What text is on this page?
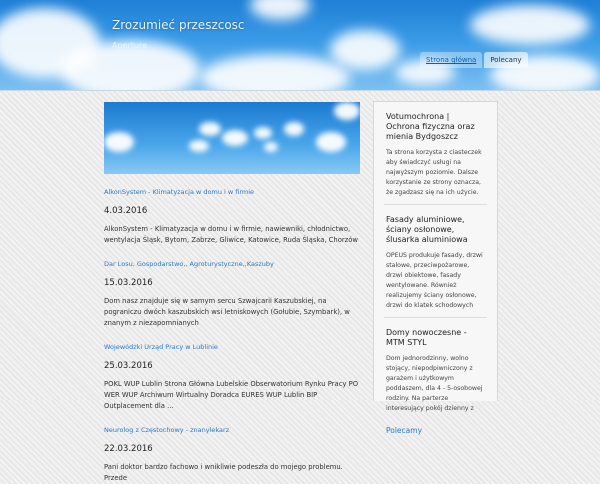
Zrozumieć przeszcosc
Aperture
Strona główna	Polecany
AlkonSystem - Klimatyzacja w domu i w firmie
4.03.2016
AlkonSystem - Klimatyzacja w domu i w firmie, nawiewniki, chłodnictwo, wentylacja Śląsk, Bytom, Zabrze, Gliwice, Katowice, Ruda Śląska, Chorzów
Dar Losu, Gospodarstwo,, Agroturystyczne,,Kaszuby
15.03.2016
Dom nasz znajduje się w samym sercu Szwajcarii Kaszubskiej, na pograniczu dwóch kaszubskich wsi letniskowych (Gołubie, Szymbark), w znanym z niezapomnianych
Wojewódzki Urząd Pracy w Lublinie
25.03.2016
POKL WUP Lublin Strona Główna Lubelskie Obserwatorium Rynku Pracy PO WER WUP Archiwum Wirtualny Doradca EURES WUP Lublin BIP Outplacement dla ...
Neurolog z Częstochowy - znanylekarz
22.03.2016
Pani doktor bardzo fachowo i wnikliwie podeszła do mojego problemu. Przede
Votumochrona | Ochrona fizyczna oraz mienia Bydgoszcz
Ta strona korzysta z ciasteczek aby świadczyć usługi na najwyższym poziomie. Dalsze korzystanie ze strony oznacza, że zgadzasz się na ich użycie.
Fasady aluminiowe, ściany osłonowe, ślusarka aluminiowa
OPEUS produkuje fasady, drzwi stalowe, przeciwpożarowe, drzwi obiektowe, fasady wentylowane. Również realizujemy ściany osłonowe, drzwi do klatek schodowych
Domy nowoczesne - MTM STYL
Dom jednorodzinny, wolno stojący, niepodpiwniczony z garażem i użytkowym poddaszem, dla 4 - 5-osobowej rodziny. Na parterze interesujący pokój dzienny z
Polecamy
